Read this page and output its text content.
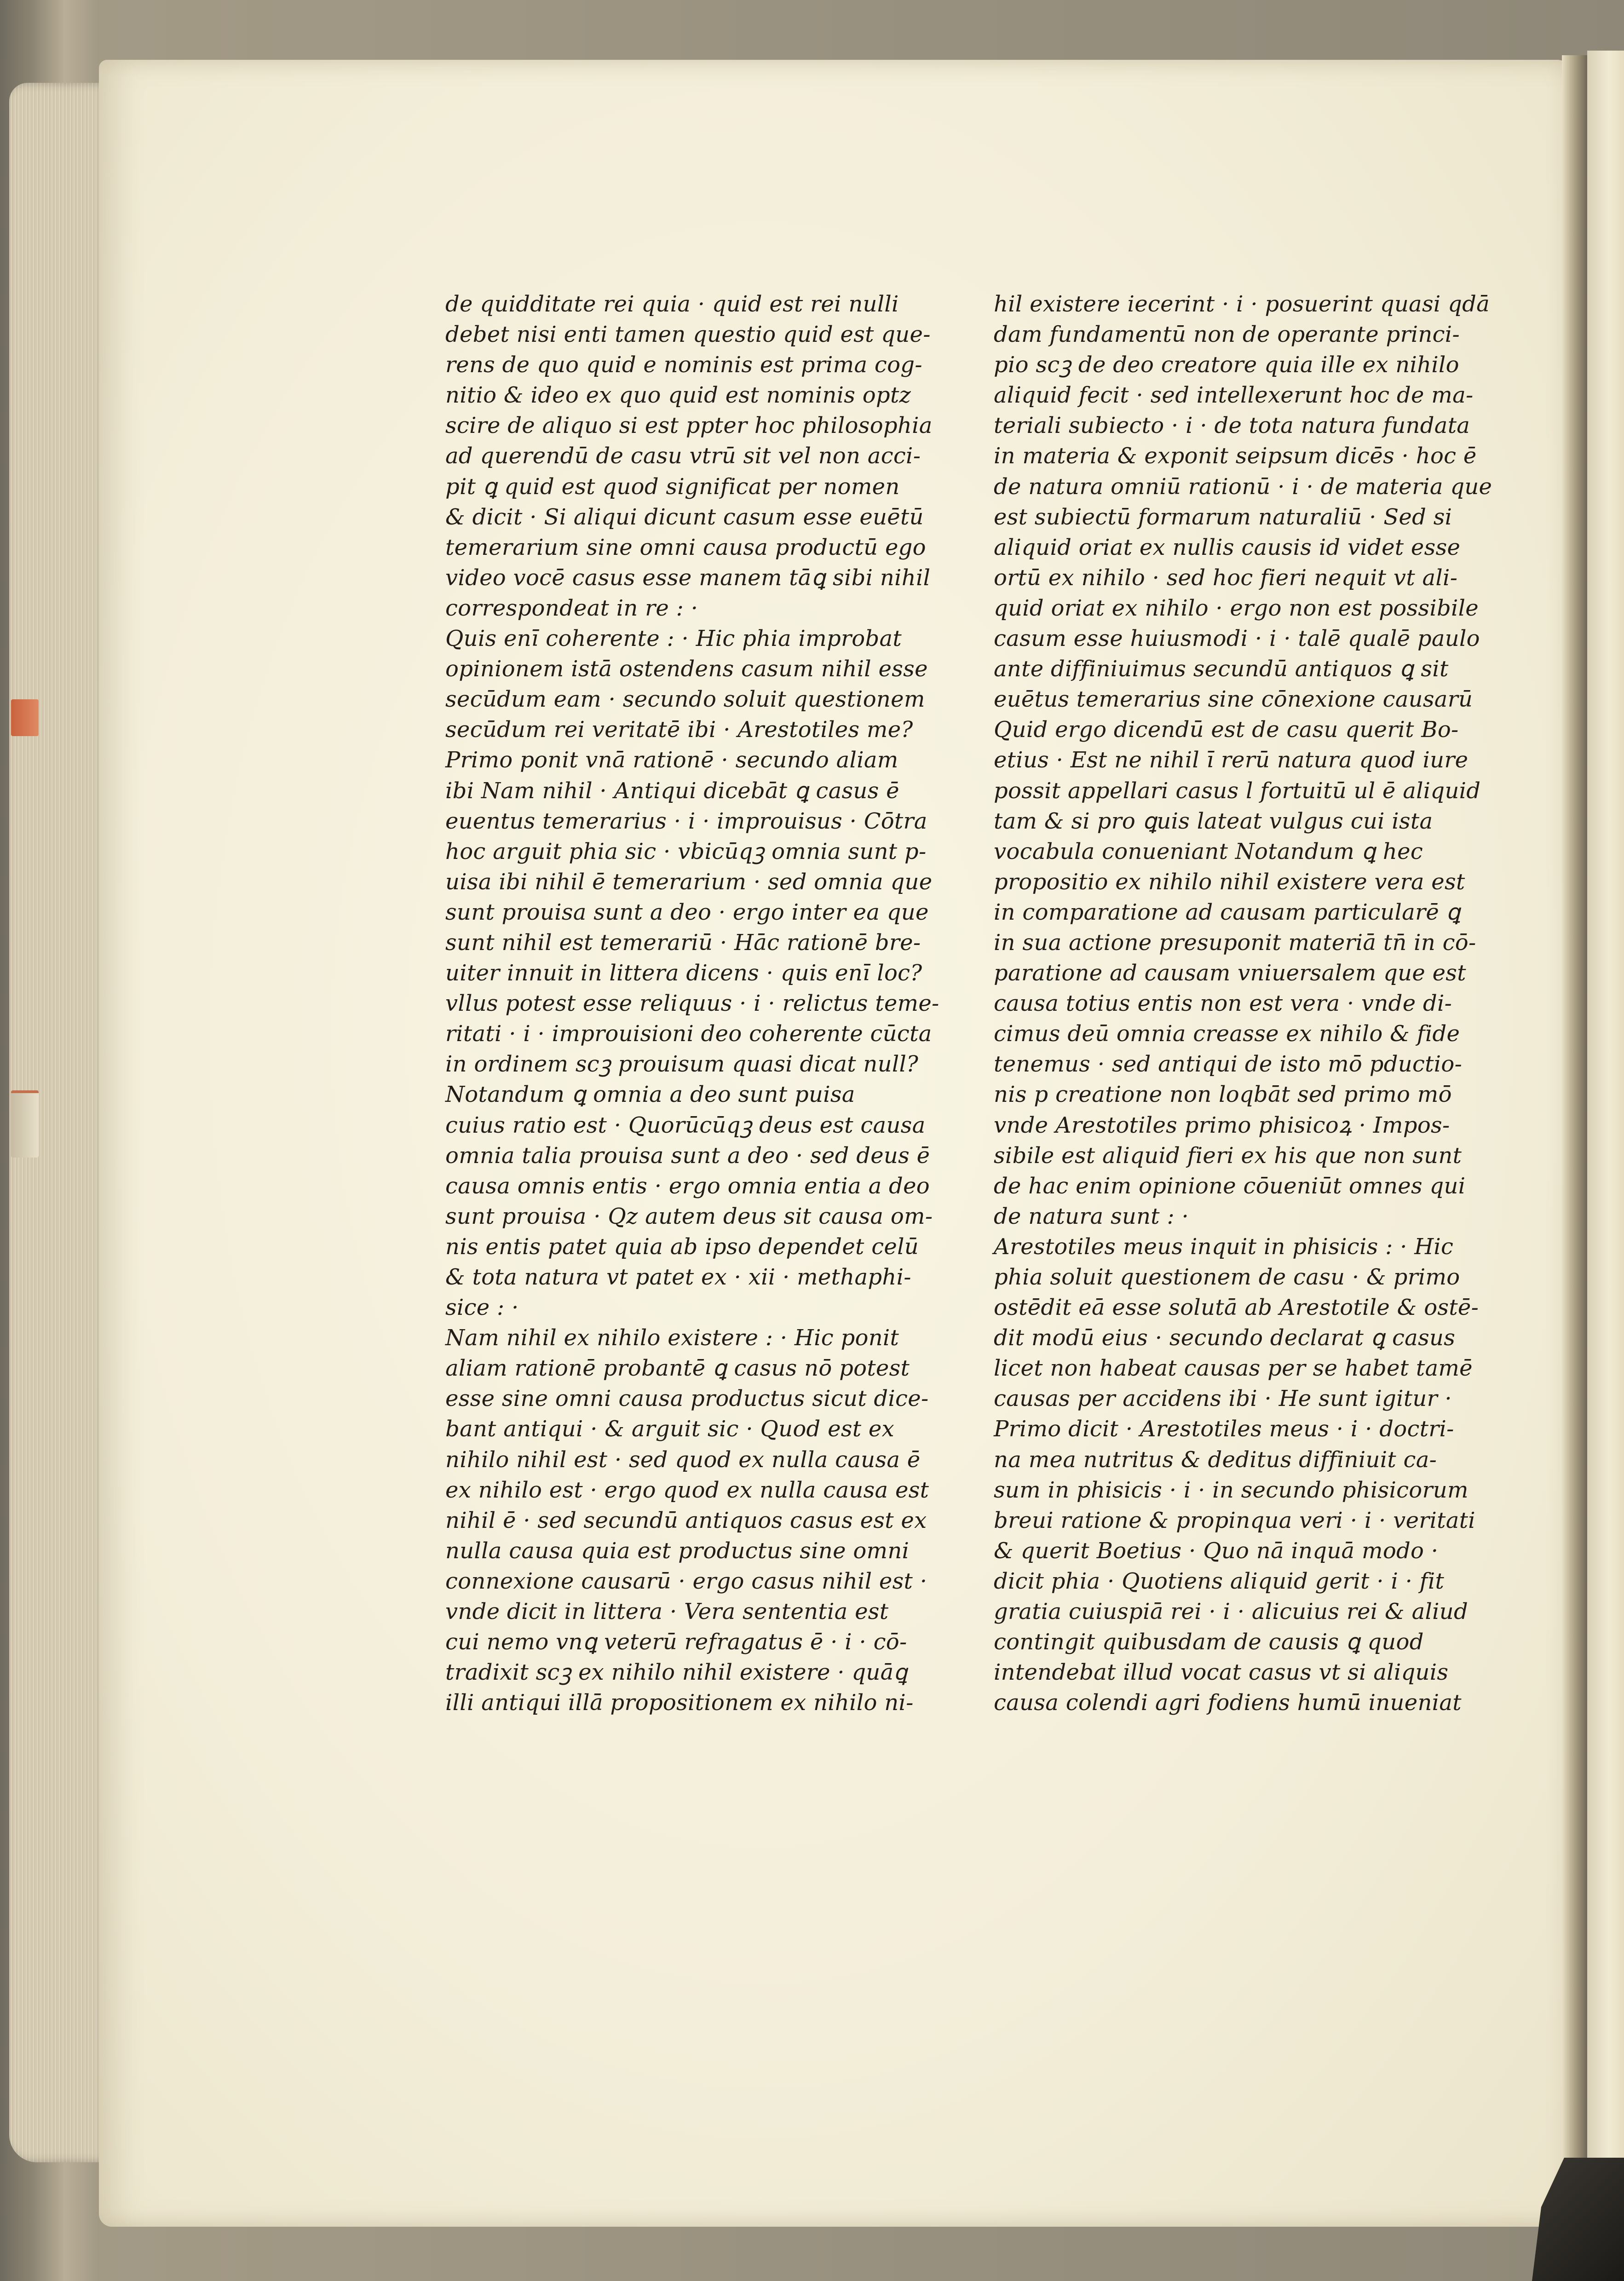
de quidditate rei quia · quid est rei nulli
debet nisi enti tamen questio quid est que-
rens de quo quid e nominis est prima cog-
nitio & ideo ex quo quid est nominis optz
scire de aliquo si est ppter hoc philosophia
ad querendū de casu vtrū sit vel non acci-
pit ꝗ quid est quod significat per nomen
& dicit · Si aliqui dicunt casum esse euētū
temerarium sine omni causa productū ego
video vocē casus esse manem tāꝗ sibi nihil
correspondeat in re : ·
Quis enī coherente : · Hic phia improbat
opinionem istā ostendens casum nihil esse
secūdum eam · secundo soluit questionem
secūdum rei veritatē ibi · Arestotiles me?
Primo ponit vnā rationē · secundo aliam
ibi Nam nihil · Antiqui dicebāt ꝗ casus ē
euentus temerarius · i · improuisus · Cōtra
hoc arguit phia sic · vbicūqꝫ omnia sunt p-
uisa ibi nihil ē temerarium · sed omnia que
sunt prouisa sunt a deo · ergo inter ea que
sunt nihil est temerariū · Hāc rationē bre-
uiter innuit in littera dicens · quis enī loc?
vllus potest esse reliquus · i · relictus teme-
ritati · i · improuisioni deo coherente cūcta
in ordinem scꝫ prouisum quasi dicat null?
Notandum ꝗ omnia a deo sunt puisa
cuius ratio est · Quorūcūqꝫ deus est causa
omnia talia prouisa sunt a deo · sed deus ē
causa omnis entis · ergo omnia entia a deo
sunt prouisa · Qz autem deus sit causa om-
nis entis patet quia ab ipso dependet celū
& tota natura vt patet ex · xii · methaphi-
sice : ·
Nam nihil ex nihilo existere : · Hic ponit
aliam rationē probantē ꝗ casus nō potest
esse sine omni causa productus sicut dice-
bant antiqui · & arguit sic · Quod est ex
nihilo nihil est · sed quod ex nulla causa ē
ex nihilo est · ergo quod ex nulla causa est
nihil ē · sed secundū antiquos casus est ex
nulla causa quia est productus sine omni
connexione causarū · ergo casus nihil est ·
vnde dicit in littera · Vera sententia est
cui nemo vnꝗ veterū refragatus ē · i · cō-
tradixit scꝫ ex nihilo nihil existere · quāꝗ
illi antiqui illā propositionem ex nihilo ni-
hil existere iecerint · i · posuerint quasi qdā
dam fundamentū non de operante princi-
pio scꝫ de deo creatore quia ille ex nihilo
aliquid fecit · sed intellexerunt hoc de ma-
teriali subiecto · i · de tota natura fundata
in materia & exponit seipsum dicēs · hoc ē
de natura omniū rationū · i · de materia que
est subiectū formarum naturaliū · Sed si
aliquid oriat ex nullis causis id videt esse
ortū ex nihilo · sed hoc fieri nequit vt ali-
quid oriat ex nihilo · ergo non est possibile
casum esse huiusmodi · i · talē qualē paulo
ante diffiniuimus secundū antiquos ꝗ sit
euētus temerarius sine cōnexione causarū
Quid ergo dicendū est de casu querit Bo-
etius · Est ne nihil ī rerū natura quod iure
possit appellari casus l fortuitū ul ē aliquid
tam & si pro ꝗuis lateat vulgus cui ista
vocabula conueniant Notandum ꝗ hec
propositio ex nihilo nihil existere vera est
in comparatione ad causam particularē ꝗ
in sua actione presuponit materiā tn̄ in cō-
paratione ad causam vniuersalem que est
causa totius entis non est vera · vnde di-
cimus deū omnia creasse ex nihilo & fide
tenemus · sed antiqui de isto mō pductio-
nis p creatione non loqbāt sed primo mō
vnde Arestotiles primo phisicoꝝ · Impos-
sibile est aliquid fieri ex his que non sunt
de hac enim opinione cōueniūt omnes qui
de natura sunt : ·
Arestotiles meus inquit in phisicis : · Hic
phia soluit questionem de casu · & primo
ostēdit eā esse solutā ab Arestotile & ostē-
dit modū eius · secundo declarat ꝗ casus
licet non habeat causas per se habet tamē
causas per accidens ibi · He sunt igitur ·
Primo dicit · Arestotiles meus · i · doctri-
na mea nutritus & deditus diffiniuit ca-
sum in phisicis · i · in secundo phisicorum
breui ratione & propinqua veri · i · veritati
& querit Boetius · Quo nā inquā modo ·
dicit phia · Quotiens aliquid gerit · i · fit
gratia cuiuspiā rei · i · alicuius rei & aliud
contingit quibusdam de causis ꝗ quod
intendebat illud vocat casus vt si aliquis
causa colendi agri fodiens humū inueniat
